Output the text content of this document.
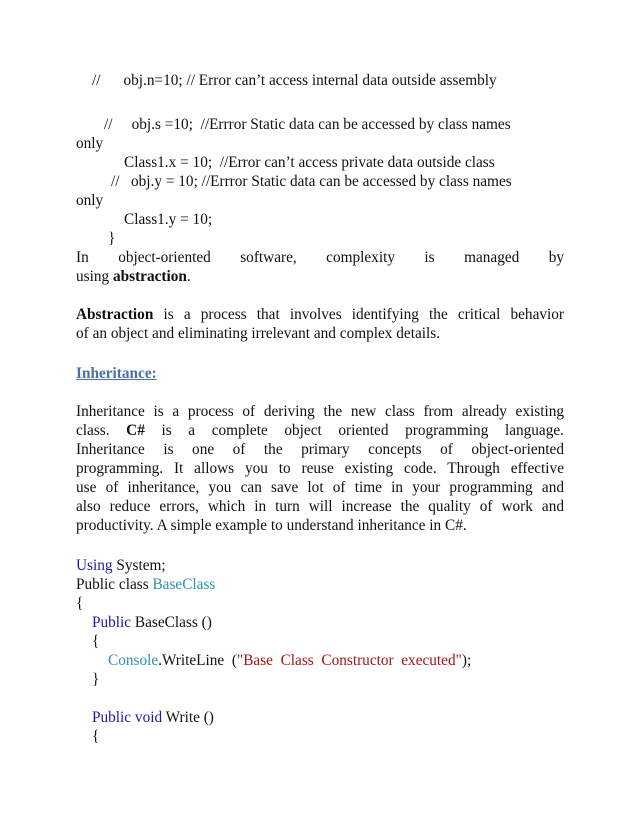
//      obj.n=10; // Error can’t access internal data outside assembly
//     obj.s =10;  //Errror Static data can be accessed by class names
only
Class1.x = 10;  //Error can’t access private data outside class
//   obj.y = 10; //Errror Static data can be accessed by class names
only
Class1.y = 10;
}
In object-oriented software, complexity is managed by
using abstraction.
Abstraction is a process that involves identifying the critical behavior
of an object and eliminating irrelevant and complex details.
Inheritance:
Inheritance is a process of deriving the new class from already existing
class. C# is a complete object oriented programming language.
Inheritance is one of the primary concepts of object-oriented
programming. It allows you to reuse existing code. Through effective
use of inheritance, you can save lot of time in your programming and
also reduce errors, which in turn will increase the quality of work and
productivity. A simple example to understand inheritance in C#.
Using System;
Public class BaseClass
{
Public BaseClass ()
{
Console.WriteLine  ("Base  Class  Constructor  executed");
}
Public void Write ()
{
